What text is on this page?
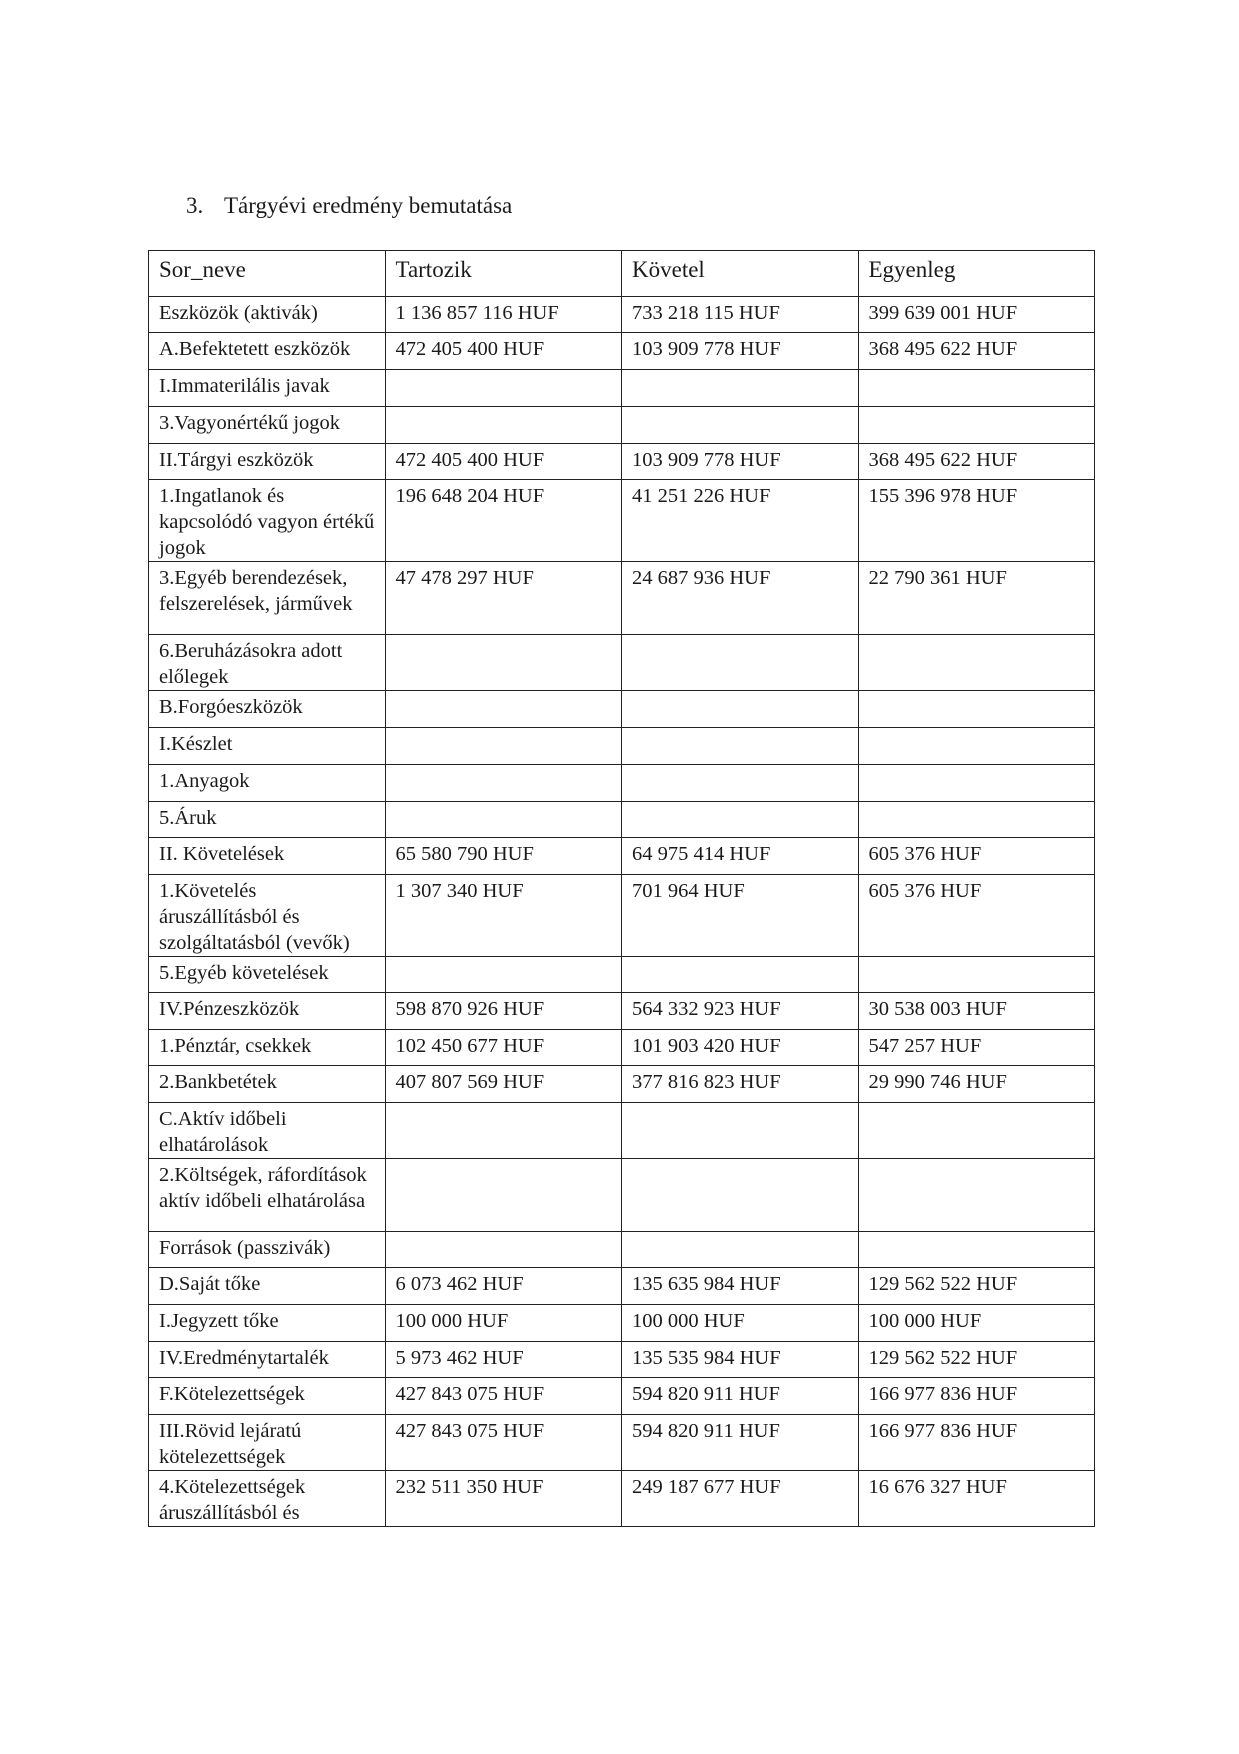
3. Tárgyévi eredmény bemutatása
Sor_neve	Tartozik	Követel	Egyenleg
Eszközök (aktivák)	1 136 857 116 HUF	733 218 115 HUF	399 639 001 HUF
A.Befektetett eszközök	472 405 400 HUF	103 909 778 HUF	368 495 622 HUF
I.Immaterilális javak			
3.Vagyonértékű jogok			
II.Tárgyi eszközök	472 405 400 HUF	103 909 778 HUF	368 495 622 HUF
1.Ingatlanok és kapcsolódó vagyon értékű jogok	196 648 204 HUF	41 251 226 HUF	155 396 978 HUF
3.Egyéb berendezések, felszerelések, járművek	47 478 297 HUF	24 687 936 HUF	22 790 361 HUF
6.Beruházásokra adott előlegek			
B.Forgóeszközök			
I.Készlet			
1.Anyagok			
5.Áruk			
II. Követelések	65 580 790 HUF	64 975 414 HUF	605 376 HUF
1.Követelés áruszállításból és szolgáltatásból (vevők)	1 307 340 HUF	701 964 HUF	605 376 HUF
5.Egyéb követelések			
IV.Pénzeszközök	598 870 926 HUF	564 332 923 HUF	30 538 003 HUF
1.Pénztár, csekkek	102 450 677 HUF	101 903 420 HUF	547 257 HUF
2.Bankbetétek	407 807 569 HUF	377 816 823 HUF	29 990 746 HUF
C.Aktív időbeli elhatárolások			
2.Költségek, ráfordítások aktív időbeli elhatárolása			
Források (passzivák)			
D.Saját tőke	6 073 462 HUF	135 635 984 HUF	129 562 522 HUF
I.Jegyzett tőke	100 000 HUF	100 000 HUF	100 000 HUF
IV.Eredménytartalék	5 973 462 HUF	135 535 984 HUF	129 562 522 HUF
F.Kötelezettségek	427 843 075 HUF	594 820 911 HUF	166 977 836 HUF
III.Rövid lejáratú kötelezettségek	427 843 075 HUF	594 820 911 HUF	166 977 836 HUF
4.Kötelezettségek áruszállításból és	232 511 350 HUF	249 187 677 HUF	16 676 327 HUF
